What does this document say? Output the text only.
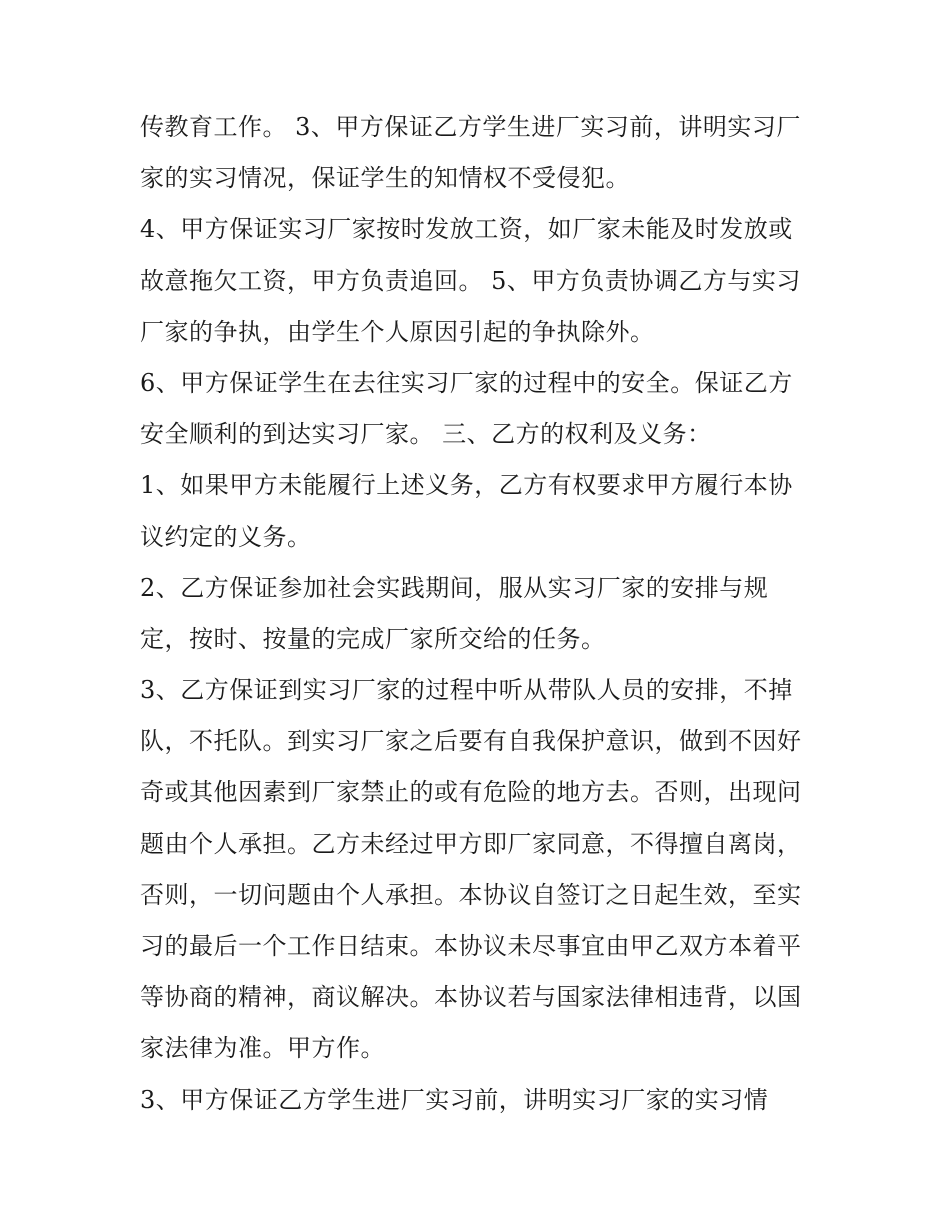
传教育工作。 3、甲方保证乙方学生进厂实习前，讲明实习厂
家的实习情况，保证学生的知情权不受侵犯。
4、甲方保证实习厂家按时发放工资，如厂家未能及时发放或
故意拖欠工资，甲方负责追回。 5、甲方负责协调乙方与实习
厂家的争执，由学生个人原因引起的争执除外。
6、甲方保证学生在去往实习厂家的过程中的安全。保证乙方
安全顺利的到达实习厂家。 三、乙方的权利及义务：
1、如果甲方未能履行上述义务，乙方有权要求甲方履行本协
议约定的义务。
2、乙方保证参加社会实践期间，服从实习厂家的安排与规
定，按时、按量的完成厂家所交给的任务。
3、乙方保证到实习厂家的过程中听从带队人员的安排，不掉
队，不托队。到实习厂家之后要有自我保护意识，做到不因好
奇或其他因素到厂家禁止的或有危险的地方去。否则，出现问
题由个人承担。乙方未经过甲方即厂家同意，不得擅自离岗，
否则，一切问题由个人承担。本协议自签订之日起生效，至实
习的最后一个工作日结束。本协议未尽事宜由甲乙双方本着平
等协商的精神，商议解决。本协议若与国家法律相违背，以国
家法律为准。甲方作。
3、甲方保证乙方学生进厂实习前，讲明实习厂家的实习情
